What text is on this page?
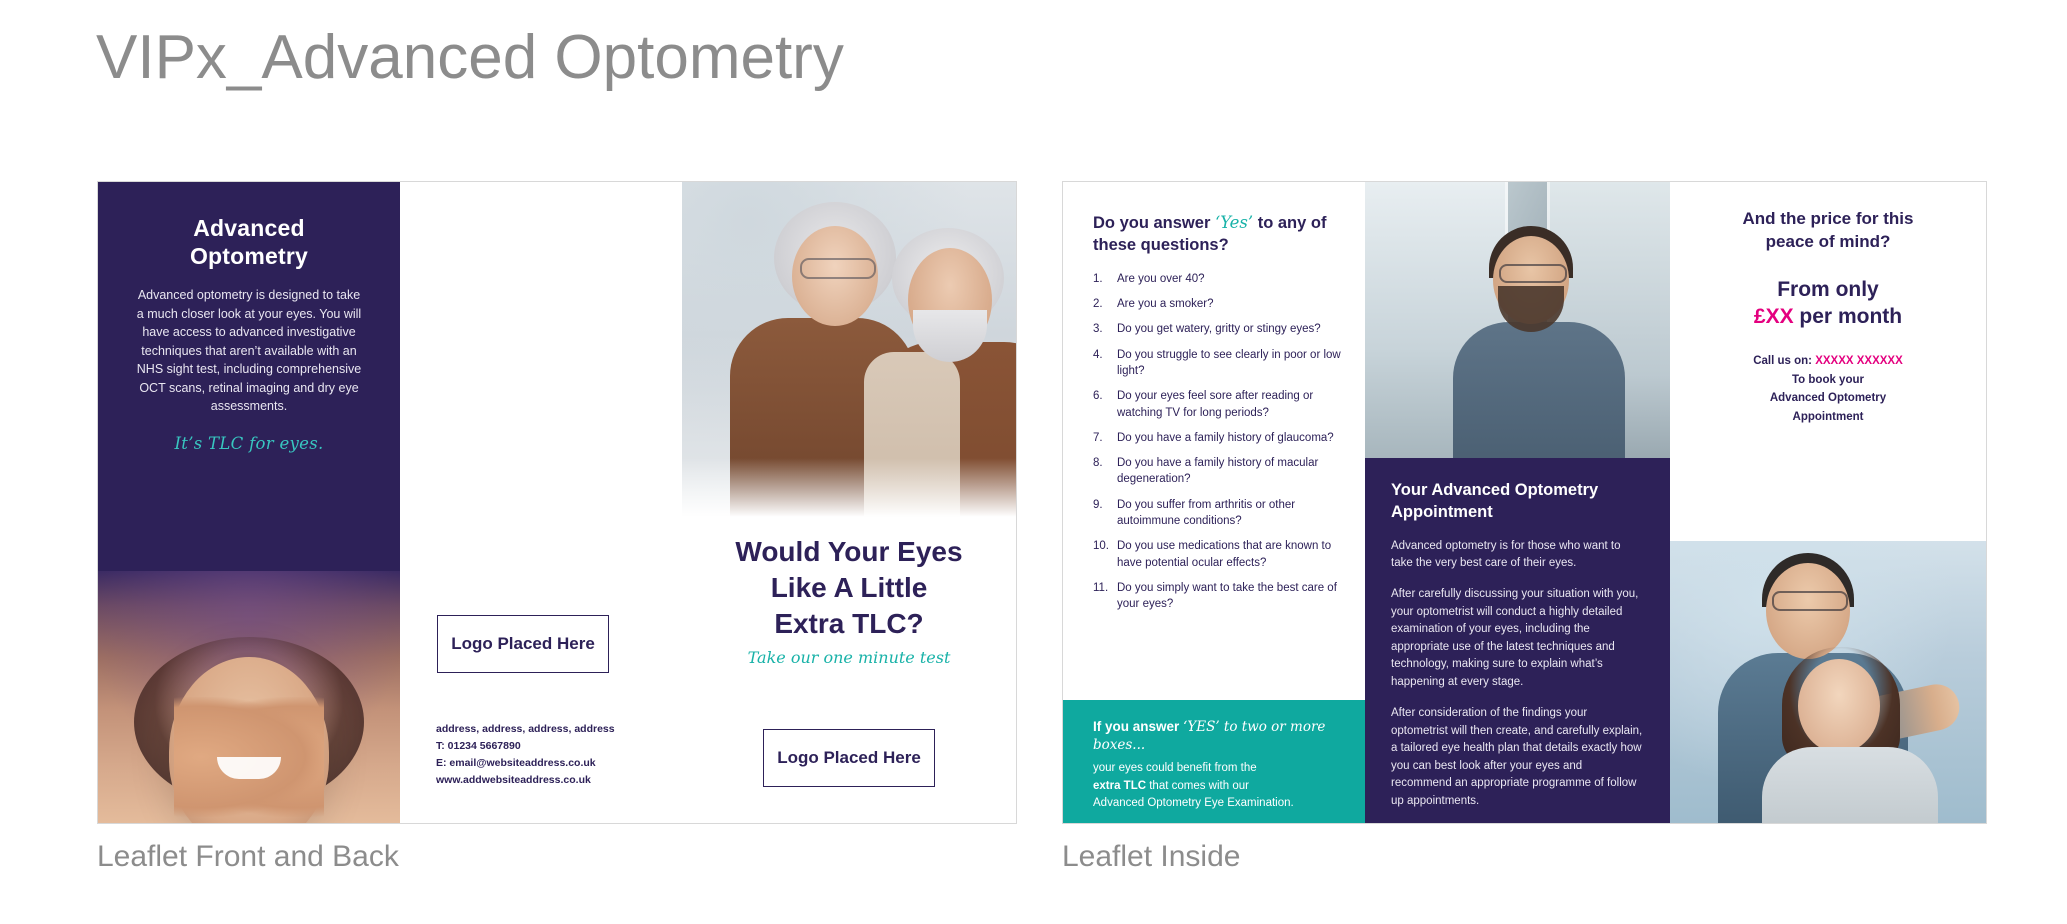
VIPx_Advanced Optometry
Advanced
Optometry
Advanced optometry is designed to take a much closer look at your eyes. You will have access to advanced investigative techniques that aren’t available with an NHS sight test, including comprehensive OCT scans, retinal imaging and dry eye assessments.
It’s TLC for eyes.
Logo Placed Here
address, address, address, address
T: 01234 5667890
E: email@websiteaddress.co.uk
www.addwebsiteaddress.co.uk
Would Your Eyes
Like A Little
Extra TLC?
Take our one minute test
Logo Placed Here
Leaflet Front and Back
Do you answer ‘Yes’ to any of these questions?
1.	Are you over 40?
2.	Are you a smoker?
3.	Do you get watery, gritty or stingy eyes?
4.	Do you struggle to see clearly in poor or low light?
6.	Do your eyes feel sore after reading or watching TV for long periods?
7.	Do you have a family history of glaucoma?
8.	Do you have a family history of macular degeneration?
9.	Do you suffer from arthritis or other autoimmune conditions?
10. Do you use medications that are known to have potential ocular effects?
11. Do you simply want to take the best care of your eyes?
If you answer ‘YES’ to two or more boxes...
your eyes could benefit from the
extra TLC that comes with our
Advanced Optometry Eye Examination.
Your Advanced Optometry
Appointment

Advanced optometry is for those who want to take the very best care of their eyes.

After carefully discussing your situation with you, your optometrist will conduct a highly detailed examination of your eyes, including the appropriate use of the latest techniques and technology, making sure to explain what’s happening at every stage.

After consideration of the findings your optometrist will then create, and carefully explain, a tailored eye health plan that details exactly how you can best look after your eyes and recommend an appropriate programme of follow up appointments.

And the price for this
peace of mind?
From only
£XX per month
Call us on: XXXXX XXXXXX
To book your
Advanced Optometry
Appointment
Leaflet Inside
